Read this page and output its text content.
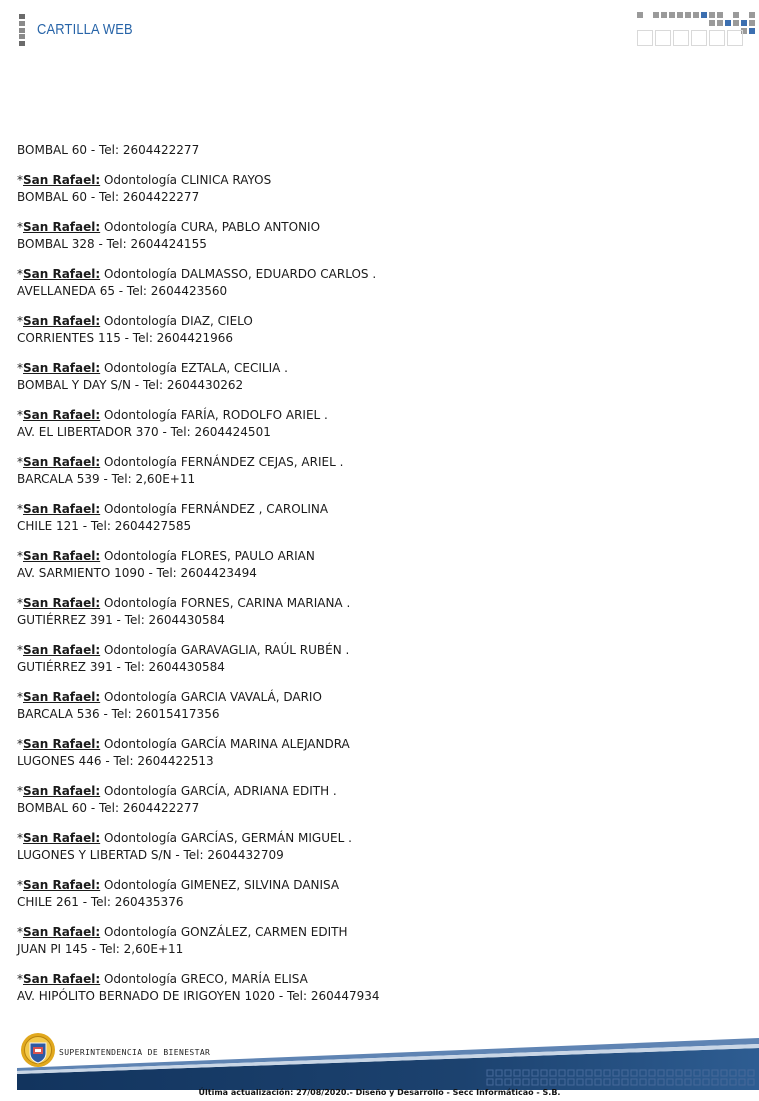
CARTILLA WEB
BOMBAL 60 - Tel: 2604422277

*San Rafael: Odontología CLINICA RAYOS

BOMBAL 60 - Tel: 2604422277

*San Rafael: Odontología CURA, PABLO ANTONIO

BOMBAL 328 - Tel: 2604424155

*San Rafael: Odontología DALMASSO, EDUARDO CARLOS .

AVELLANEDA 65 - Tel: 2604423560

*San Rafael: Odontología DIAZ, CIELO

CORRIENTES 115 - Tel: 2604421966

*San Rafael: Odontología EZTALA, CECILIA .

BOMBAL Y DAY S/N - Tel: 2604430262

*San Rafael: Odontología FARÍA, RODOLFO ARIEL .

AV. EL LIBERTADOR 370 - Tel: 2604424501

*San Rafael: Odontología FERNÁNDEZ CEJAS, ARIEL .

BARCALA 539 - Tel: 2,60E+11

*San Rafael: Odontología FERNÁNDEZ , CAROLINA

CHILE 121 - Tel: 2604427585

*San Rafael: Odontología FLORES, PAULO ARIAN

AV. SARMIENTO 1090 - Tel: 2604423494

*San Rafael: Odontología FORNES, CARINA MARIANA .

GUTIÉRREZ 391 - Tel: 2604430584

*San Rafael: Odontología GARAVAGLIA, RAÚL RUBÉN .

GUTIÉRREZ 391 - Tel: 2604430584

*San Rafael: Odontología GARCIA VAVALÁ, DARIO

BARCALA 536 - Tel: 26015417356

*San Rafael: Odontología GARCÍA MARINA ALEJANDRA

LUGONES 446 - Tel: 2604422513

*San Rafael: Odontología GARCÍA, ADRIANA EDITH .

BOMBAL 60 - Tel: 2604422277

*San Rafael: Odontología GARCÍAS, GERMÁN MIGUEL .

LUGONES Y LIBERTAD S/N - Tel: 2604432709

*San Rafael: Odontología GIMENEZ, SILVINA DANISA

CHILE 261 - Tel: 260435376

*San Rafael: Odontología GONZÁLEZ, CARMEN EDITH

JUAN PI 145 - Tel: 2,60E+11

*San Rafael: Odontología GRECO, MARÍA ELISA

AV. HIPÓLITO BERNADO DE IRIGOYEN 1020 - Tel: 260447934

SUPERINTENDENCIA DE BIENESTAR
Última actualización: 27/08/2020.- Diseño y Desarrollo - Secc Informáticao - S.B.
